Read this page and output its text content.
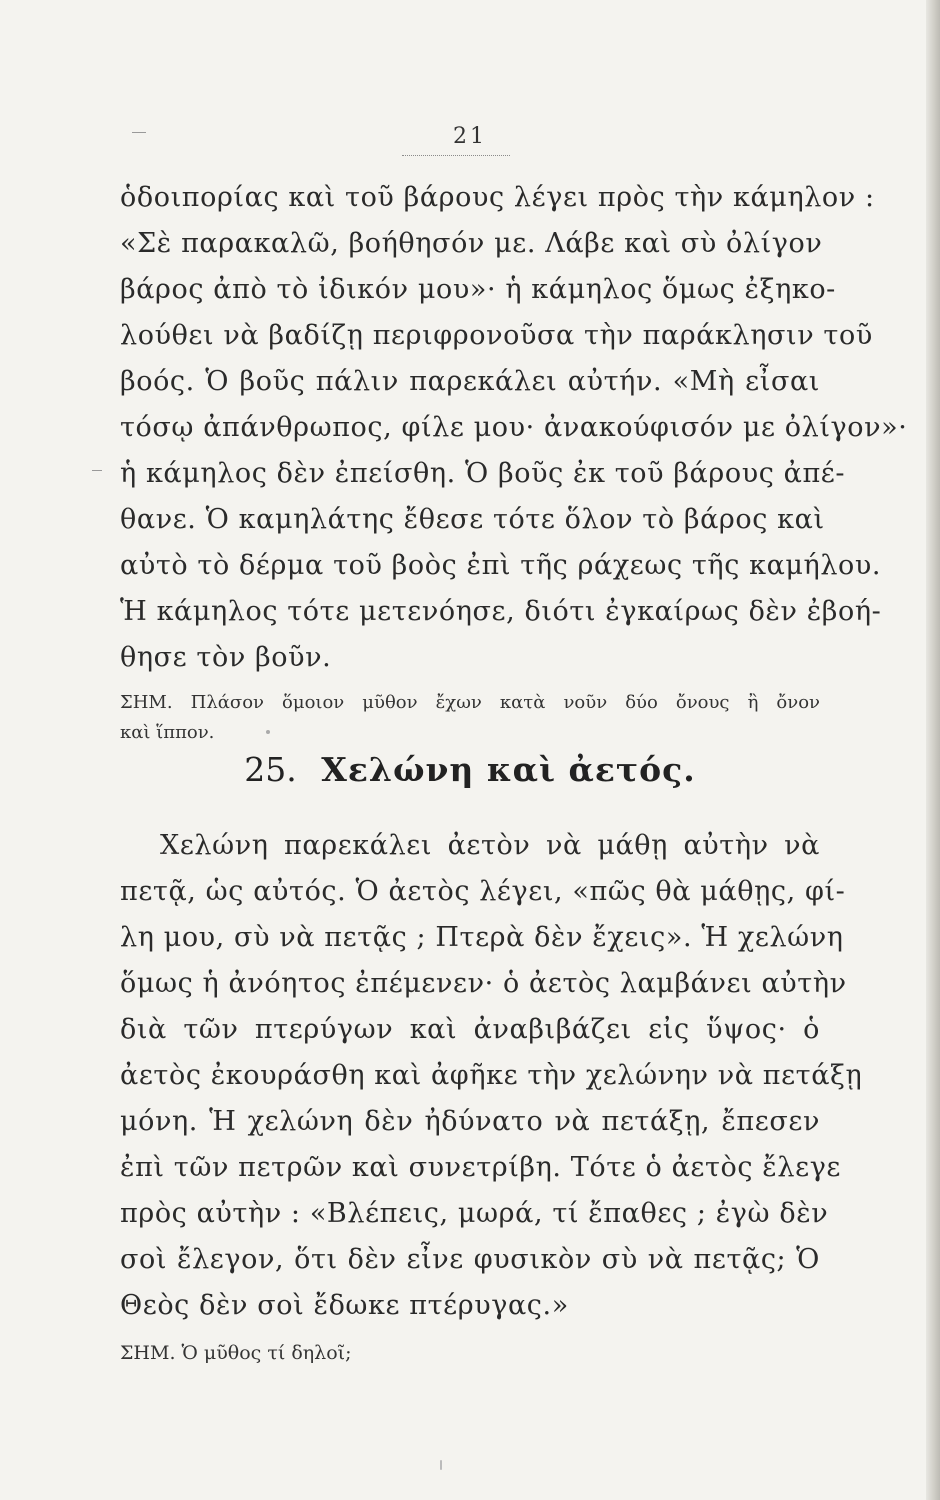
21

ὁδοιπορίας καὶ τοῦ βάρους λέγει πρὸς τὴν κάμηλον :

«Σὲ παρακαλῶ, βοήθησόν με. Λάβε καὶ σὺ ὀλίγον

βάρος ἀπὸ τὸ ἰδικόν μου»· ἡ κάμηλος ὅμως ἐξηκο-

λούθει νὰ βαδίζῃ περιφρονοῦσα τὴν παράκλησιν τοῦ

βοός. Ὁ βοῦς πάλιν παρεκάλει αὐτήν. «Μὴ εἶσαι

τόσῳ ἀπάνθρωπος, φίλε μου· ἀνακούφισόν με ὀλίγον»·

ἡ κάμηλος δὲν ἐπείσθη. Ὁ βοῦς ἐκ τοῦ βάρους ἀπέ-

θανε. Ὁ καμηλάτης ἔθεσε τότε ὅλον τὸ βάρος καὶ

αὐτὸ τὸ δέρμα τοῦ βοὸς ἐπὶ τῆς ράχεως τῆς καμήλου.

Ἡ κάμηλος τότε μετενόησε, διότι ἐγκαίρως δὲν ἐβοή-

θησε τὸν βοῦν.

ΣΗΜ. Πλάσον ὅμοιον μῦθον ἔχων κατὰ νοῦν δύο ὄνους ἢ ὄνον

καὶ ἵππον.

25. Χελώνη καὶ ἀετός.

Χελώνη παρεκάλει ἀετὸν νὰ μάθῃ αὐτὴν νὰ

πετᾷ, ὡς αὐτός. Ὁ ἀετὸς λέγει, «πῶς θὰ μάθῃς, φί-

λη μου, σὺ νὰ πετᾷς ; Πτερὰ δὲν ἔχεις». Ἡ χελώνη

ὅμως ἡ ἀνόητος ἐπέμενεν· ὁ ἀετὸς λαμβάνει αὐτὴν

διὰ τῶν πτερύγων καὶ ἀναβιβάζει εἰς ὕψος· ὁ

ἀετὸς ἐκουράσθη καὶ ἀφῆκε τὴν χελώνην νὰ πετάξῃ

μόνη. Ἡ χελώνη δὲν ἠδύνατο νὰ πετάξῃ, ἔπεσεν

ἐπὶ τῶν πετρῶν καὶ συνετρίβη. Τότε ὁ ἀετὸς ἔλεγε

πρὸς αὐτὴν : «Βλέπεις, μωρά, τί ἔπαθες ; ἐγὼ δὲν

σοὶ ἔλεγον, ὅτι δὲν εἶνε φυσικὸν σὺ νὰ πετᾷς; Ὁ

Θεὸς δὲν σοὶ ἔδωκε πτέρυγας.»

ΣΗΜ. Ὁ μῦθος τί δηλοῖ;
